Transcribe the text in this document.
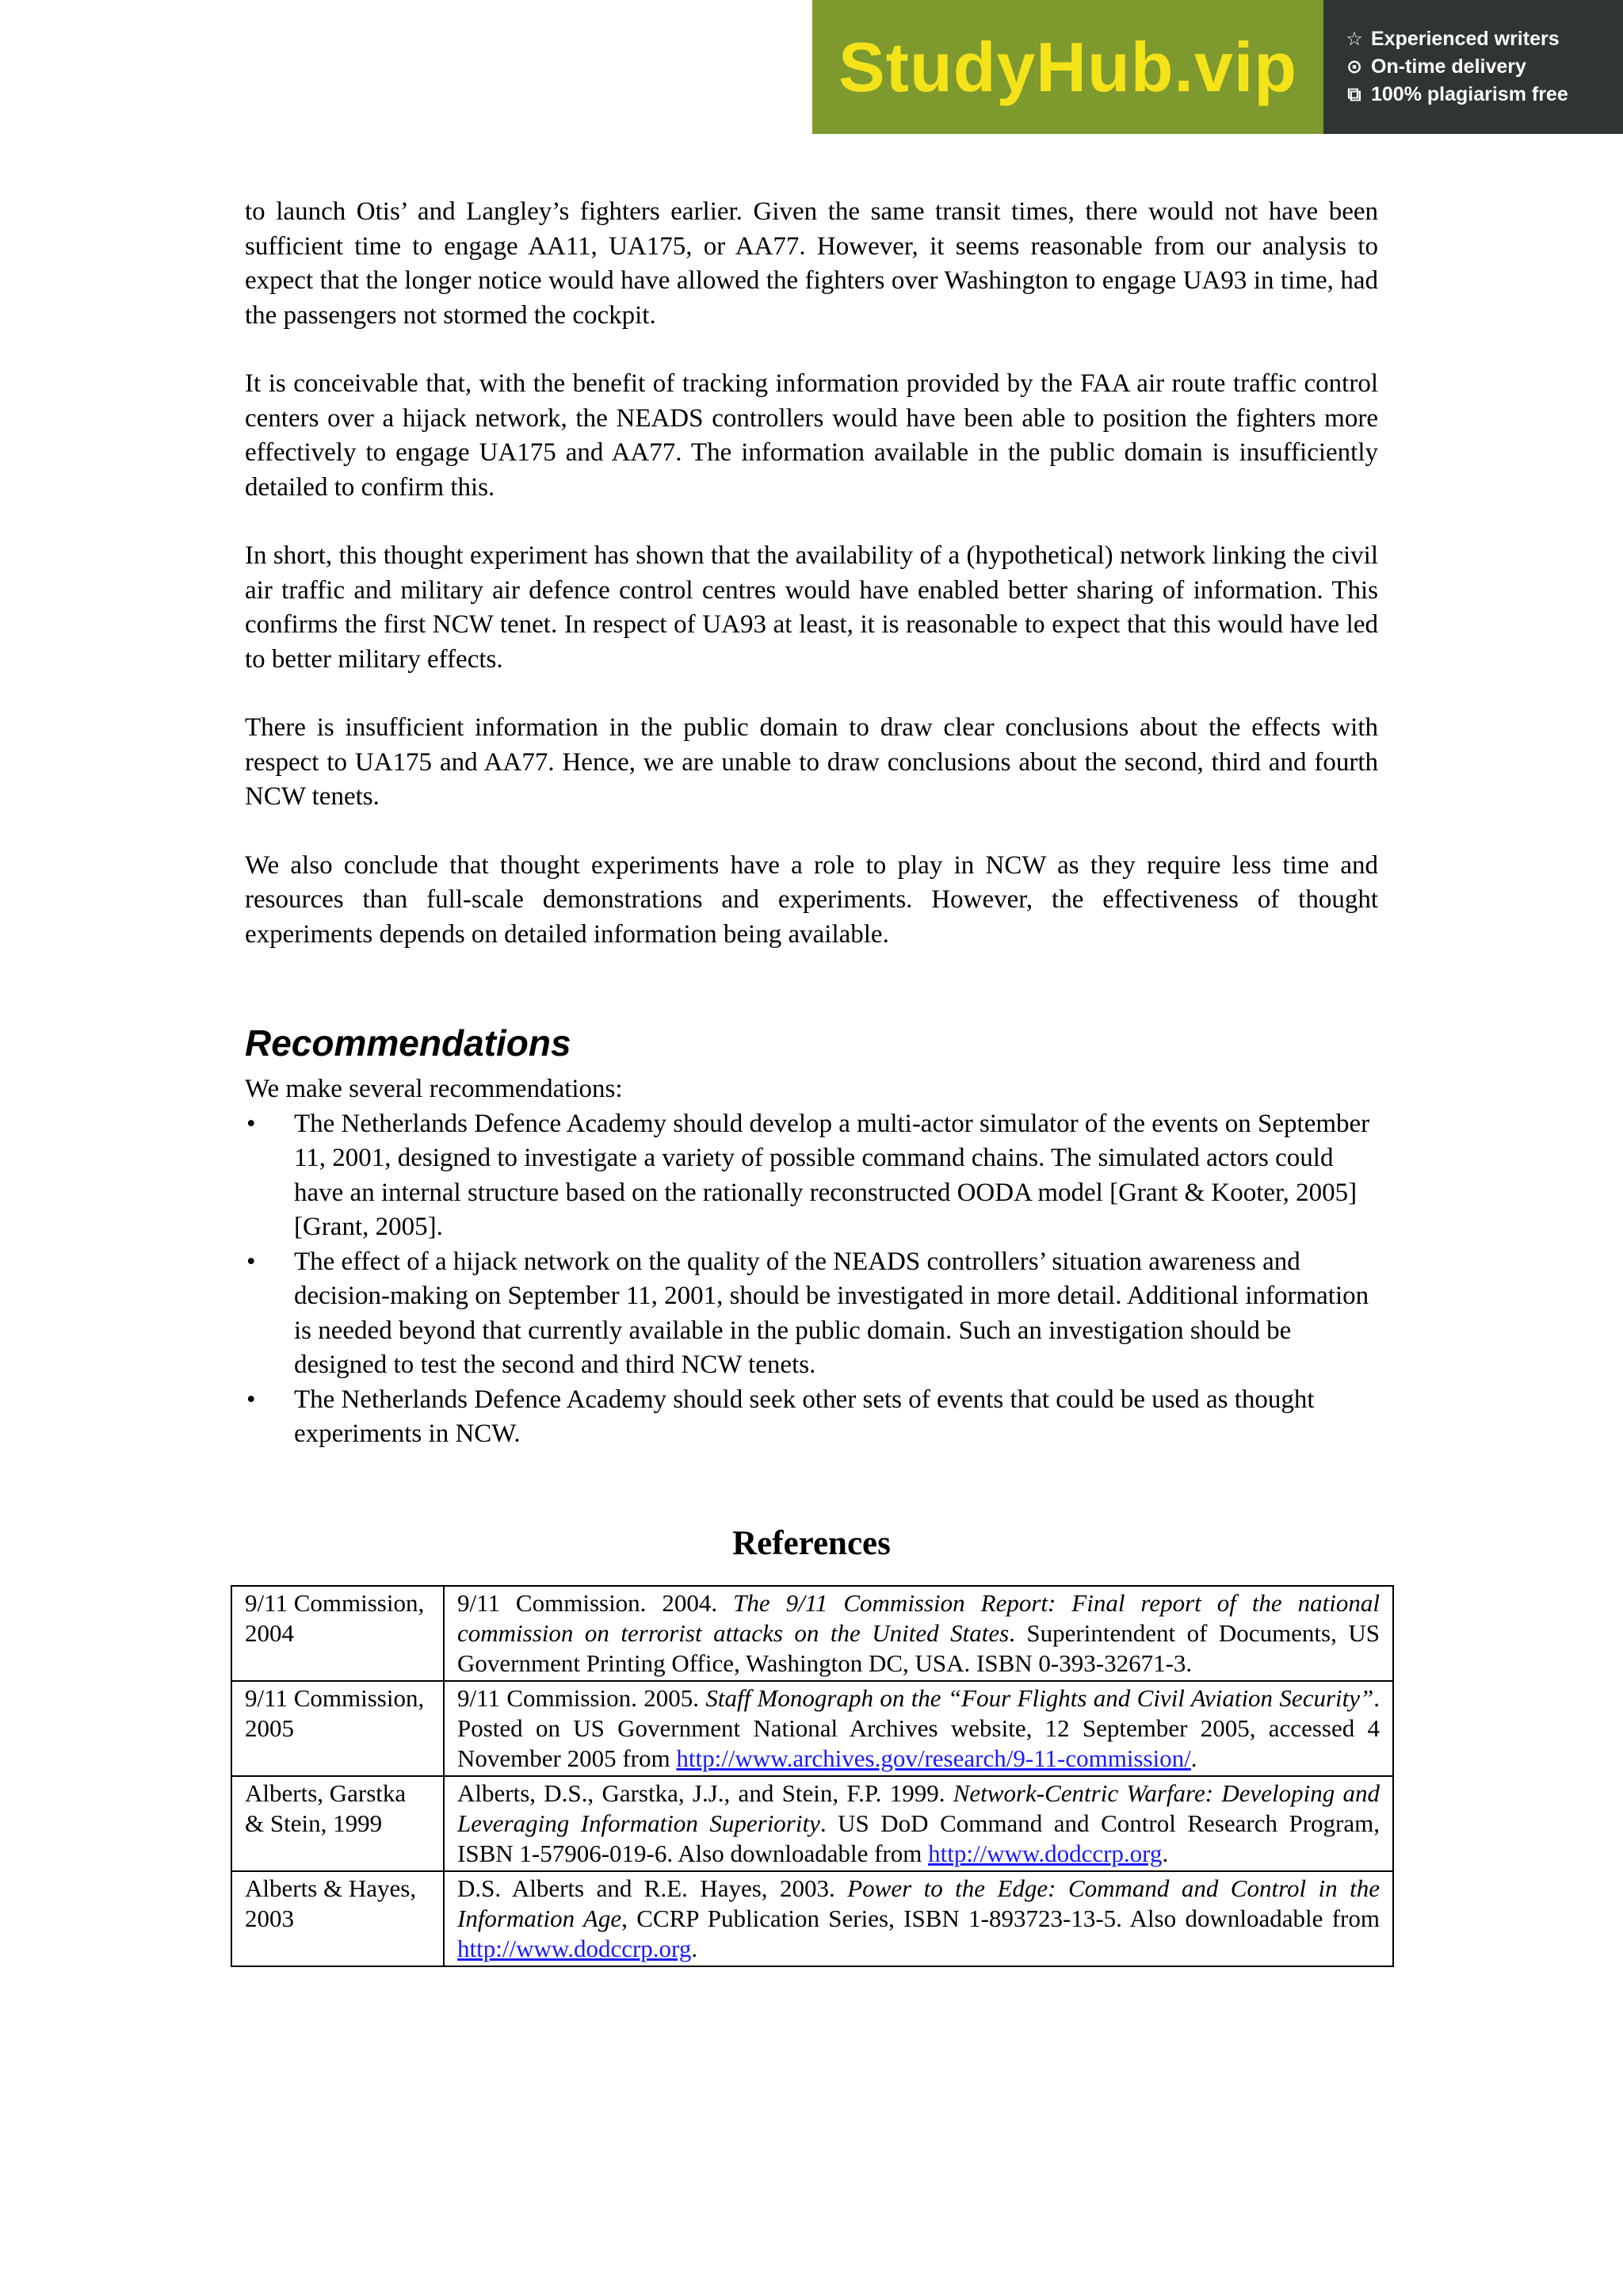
StudyHub.vip	☆ Experienced writers
⊙ On-time delivery
⧉ 100% plagiarism free

to launch Otis’ and Langley’s fighters earlier. Given the same transit times, there would not have been sufficient time to engage AA11, UA175, or AA77. However, it seems reasonable from our analysis to expect that the longer notice would have allowed the fighters over Washington to engage UA93 in time, had the passengers not stormed the cockpit.

It is conceivable that, with the benefit of tracking information provided by the FAA air route traffic control centers over a hijack network, the NEADS controllers would have been able to position the fighters more effectively to engage UA175 and AA77. The information available in the public domain is insufficiently detailed to confirm this.

In short, this thought experiment has shown that the availability of a (hypothetical) network linking the civil air traffic and military air defence control centres would have enabled better sharing of information. This confirms the first NCW tenet. In respect of UA93 at least, it is reasonable to expect that this would have led to better military effects.

There is insufficient information in the public domain to draw clear conclusions about the effects with respect to UA175 and AA77. Hence, we are unable to draw conclusions about the second, third and fourth NCW tenets.

We also conclude that thought experiments have a role to play in NCW as they require less time and resources than full-scale demonstrations and experiments. However, the effectiveness of thought experiments depends on detailed information being available.

Recommendations

We make several recommendations:

• The Netherlands Defence Academy should develop a multi-actor simulator of the events on September 11, 2001, designed to investigate a variety of possible command chains. The simulated actors could have an internal structure based on the rationally reconstructed OODA model [Grant & Kooter, 2005] [Grant, 2005].
• The effect of a hijack network on the quality of the NEADS controllers’ situation awareness and decision-making on September 11, 2001, should be investigated in more detail. Additional information is needed beyond that currently available in the public domain. Such an investigation should be designed to test the second and third NCW tenets.
• The Netherlands Defence Academy should seek other sets of events that could be used as thought experiments in NCW.
References
9/11 Commission, 2004	9/11 Commission. 2004. The 9/11 Commission Report: Final report of the national commission on terrorist attacks on the United States. Superintendent of Documents, US Government Printing Office, Washington DC, USA. ISBN 0-393-32671-3.
9/11 Commission, 2005	9/11 Commission. 2005. Staff Monograph on the “Four Flights and Civil Aviation Security”. Posted on US Government National Archives website, 12 September 2005, accessed 4 November 2005 from http://www.archives.gov/research/9-11-commission/.
Alberts, Garstka & Stein, 1999	Alberts, D.S., Garstka, J.J., and Stein, F.P. 1999. Network-Centric Warfare: Developing and Leveraging Information Superiority. US DoD Command and Control Research Program, ISBN 1-57906-019-6. Also downloadable from http://www.dodccrp.org.
Alberts & Hayes, 2003	D.S. Alberts and R.E. Hayes, 2003. Power to the Edge: Command and Control in the Information Age, CCRP Publication Series, ISBN 1-893723-13-5. Also downloadable from http://www.dodccrp.org.
